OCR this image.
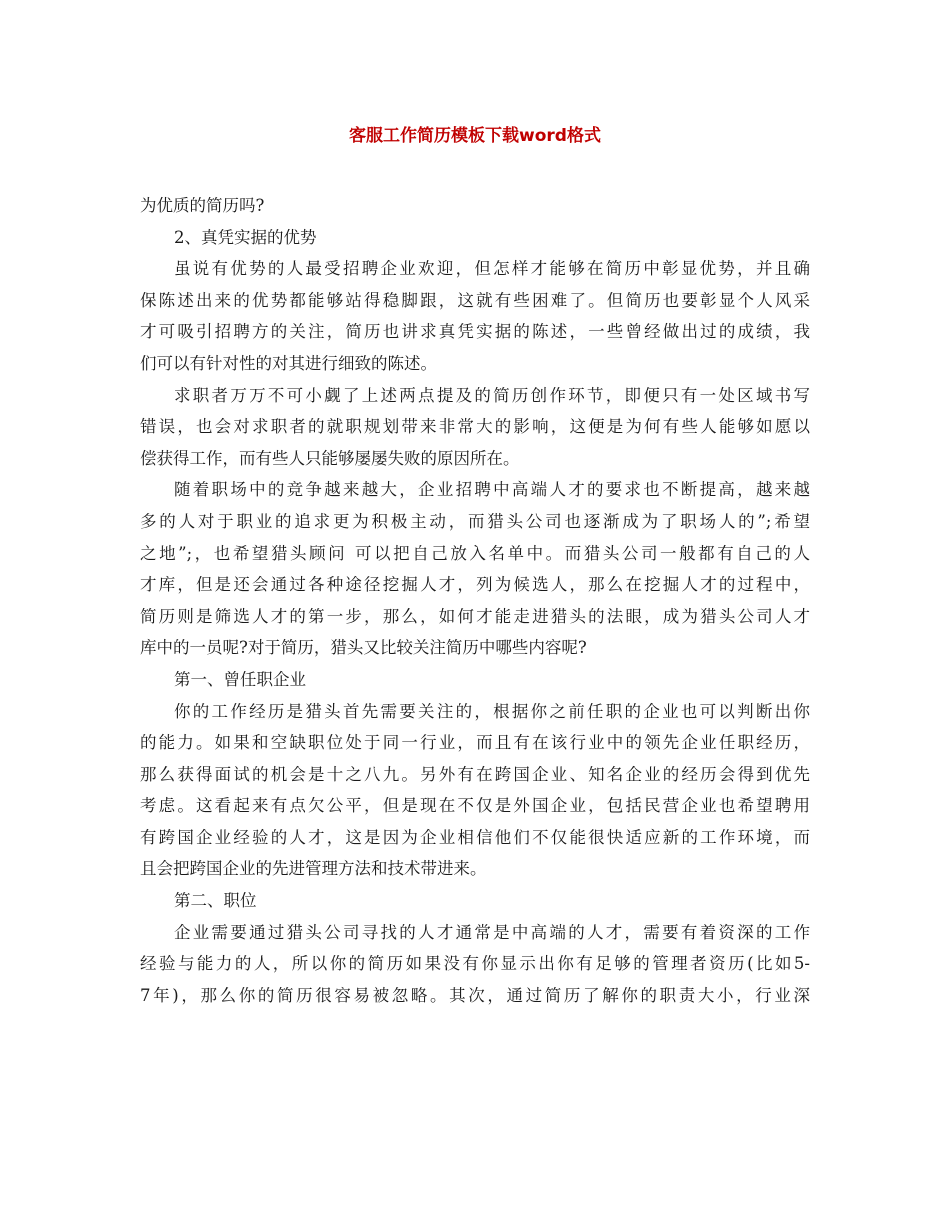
客服工作简历模板下载word格式

为优质的简历吗?

2、真凭实据的优势

虽说有优势的人最受招聘企业欢迎，但怎样才能够在简历中彰显优势，并且确

保陈述出来的优势都能够站得稳脚跟，这就有些困难了。但简历也要彰显个人风采

才可吸引招聘方的关注，简历也讲求真凭实据的陈述，一些曾经做出过的成绩，我

们可以有针对性的对其进行细致的陈述。

求职者万万不可小觑了上述两点提及的简历创作环节，即便只有一处区域书写

错误，也会对求职者的就职规划带来非常大的影响，这便是为何有些人能够如愿以

偿获得工作，而有些人只能够屡屡失败的原因所在。

随着职场中的竞争越来越大，企业招聘中高端人才的要求也不断提高，越来越

多的人对于职业的追求更为积极主动，而猎头公司也逐渐成为了职场人的”;希望

之地”;，也希望猎头顾问 可以把自己放入名单中。而猎头公司一般都有自己的人

才库，但是还会通过各种途径挖掘人才，列为候选人，那么在挖掘人才的过程中，

简历则是筛选人才的第一步，那么，如何才能走进猎头的法眼，成为猎头公司人才

库中的一员呢?对于简历，猎头又比较关注简历中哪些内容呢?

第一、曾任职企业

你的工作经历是猎头首先需要关注的，根据你之前任职的企业也可以判断出你

的能力。如果和空缺职位处于同一行业，而且有在该行业中的领先企业任职经历，

那么获得面试的机会是十之八九。另外有在跨国企业、知名企业的经历会得到优先

考虑。这看起来有点欠公平，但是现在不仅是外国企业，包括民营企业也希望聘用

有跨国企业经验的人才，这是因为企业相信他们不仅能很快适应新的工作环境，而

且会把跨国企业的先进管理方法和技术带进来。

第二、职位

企业需要通过猎头公司寻找的人才通常是中高端的人才，需要有着资深的工作

经验与能力的人，所以你的简历如果没有你显示出你有足够的管理者资历(比如5-

7年)，那么你的简历很容易被忽略。其次，通过简历了解你的职责大小，行业深
